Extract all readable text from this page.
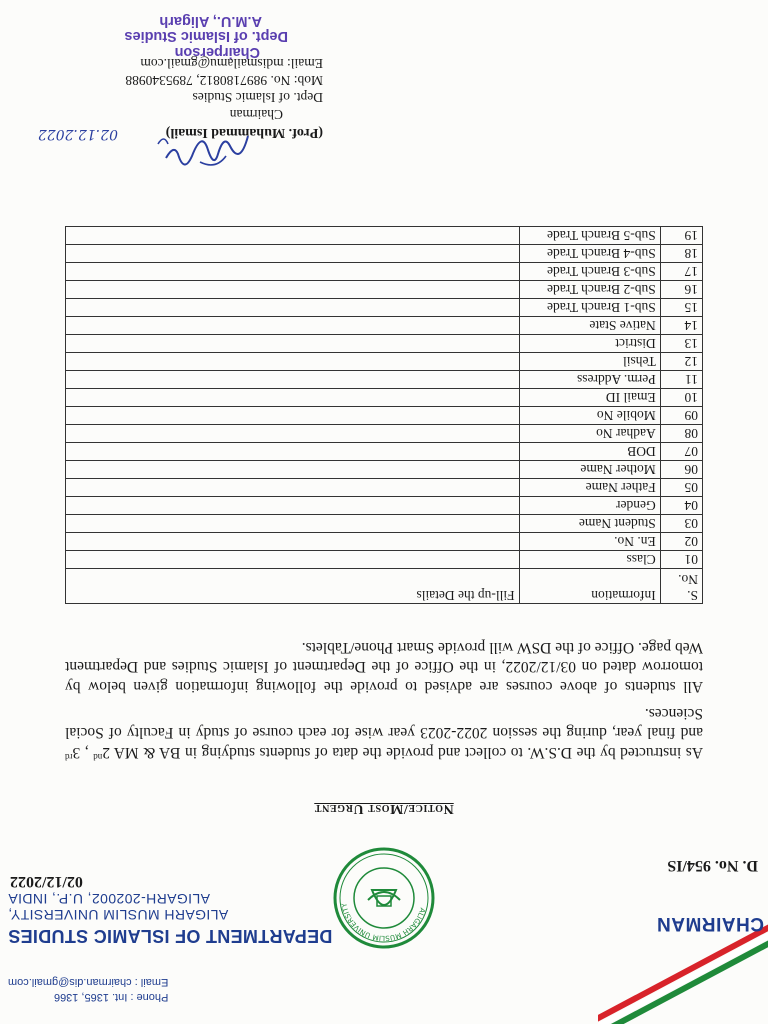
CHAIRMAN
ALIGARH MUSLIM UNIVERSITY
DEPARTMENT OF ISLAMIC STUDIES
ALIGARH MUSLIM UNIVERSITY,
ALIGARH-202002, U.P., INDIA
Phone : Int. 1365, 1366
Email : chairman.dis@gmail.com
D. No. 954/IS
02/12/2022
Notice/Most Urgent

As instructed by the D.S.W. to collect and provide the data of students studying in BA & MA 2nd , 3rd and final year, during the session 2022-2023 year wise for each course of study in Faculty of Social Sciences.

All students of above courses are advised to provide the following information given below by tomorrow dated on 03/12/2022, in the Office of the Department of Islamic Studies and Department Web page. Office of the DSW will provide Smart Phone/Tablets.

S. No.	Information	Fill-up the Details
01	Class	
02	En. No.	
03	Student Name	
04	Gender	
05	Father Name	
06	Mother Name	
07	DOB	
08	Aadhar No	
09	Mobile No	
10	Email ID	
11	Perm. Address	
12	Tehsil	
13	District	
14	Native State	
15	Sub-1 Branch Trade	
16	Sub-2 Branch Trade	
17	Sub-3 Branch Trade	
18	Sub-4 Branch Trade	
19	Sub-5 Branch Trade	
02.12.2022	(Prof. Muhammad Ismail)
Chairman
Dept. of Islamic Studies
Mob: No. 9897180812, 7895340988
Email: mdismailamu@gmail.com
Chairperson
Dept. of Islamic Studies
A.M.U., Aligarh
